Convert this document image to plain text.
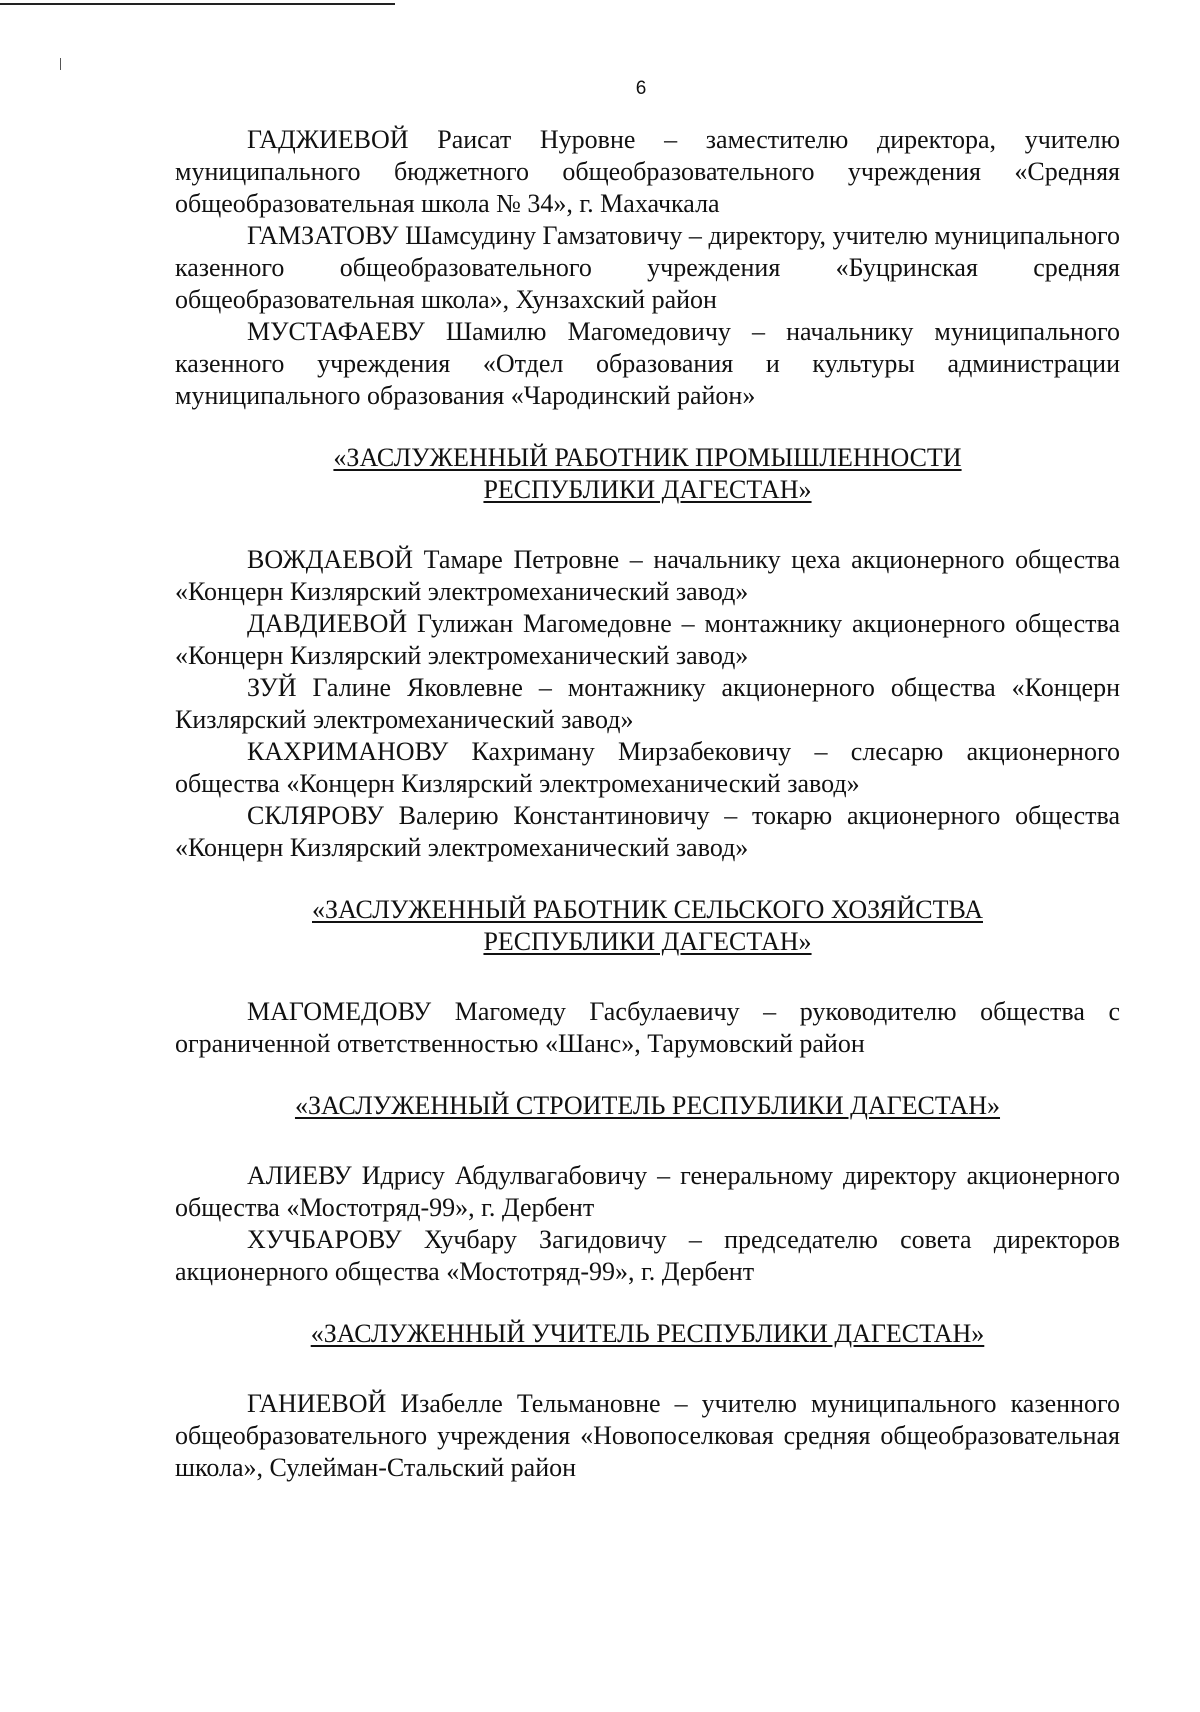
6

ГАДЖИЕВОЙ Раисат Нуровне – заместителю директора, учителю муниципального бюджетного общеобразовательного учреждения «Средняя общеобразовательная школа № 34», г. Махачкала

ГАМЗАТОВУ Шамсудину Гамзатовичу – директору, учителю муниципального казенного общеобразовательного учреждения «Буцринская средняя общеобразовательная школа», Хунзахский район

МУСТАФАЕВУ Шамилю Магомедовичу – начальнику муниципального казенного учреждения «Отдел образования и культуры администрации муниципального образования «Чародинский район»

«ЗАСЛУЖЕННЫЙ РАБОТНИК ПРОМЫШЛЕННОСТИ
РЕСПУБЛИКИ ДАГЕСТАН»

ВОЖДАЕВОЙ Тамаре Петровне – начальнику цеха акционерного общества «Концерн Кизлярский электромеханический завод»

ДАВДИЕВОЙ Гулижан Магомедовне – монтажнику акционерного общества «Концерн Кизлярский электромеханический завод»

ЗУЙ Галине Яковлевне – монтажнику акционерного общества «Концерн Кизлярский электромеханический завод»

КАХРИМАНОВУ Кахриману Мирзабековичу – слесарю акционерного общества «Концерн Кизлярский электромеханический завод»

СКЛЯРОВУ Валерию Константиновичу – токарю акционерного общества «Концерн Кизлярский электромеханический завод»

«ЗАСЛУЖЕННЫЙ РАБОТНИК СЕЛЬСКОГО ХОЗЯЙСТВА
РЕСПУБЛИКИ ДАГЕСТАН»

МАГОМЕДОВУ Магомеду Гасбулаевичу – руководителю общества с ограниченной ответственностью «Шанс», Тарумовский район

«ЗАСЛУЖЕННЫЙ СТРОИТЕЛЬ РЕСПУБЛИКИ ДАГЕСТАН»

АЛИЕВУ Идрису Абдулвагабовичу – генеральному директору акционерного общества «Мостотряд-99», г. Дербент

ХУЧБАРОВУ Хучбару Загидовичу – председателю совета директоров акционерного общества «Мостотряд-99», г. Дербент

«ЗАСЛУЖЕННЫЙ УЧИТЕЛЬ РЕСПУБЛИКИ ДАГЕСТАН»

ГАНИЕВОЙ Изабелле Тельмановне – учителю муниципального казенного общеобразовательного учреждения «Новопоселковая средняя общеобразовательная школа», Сулейман-Стальский район
